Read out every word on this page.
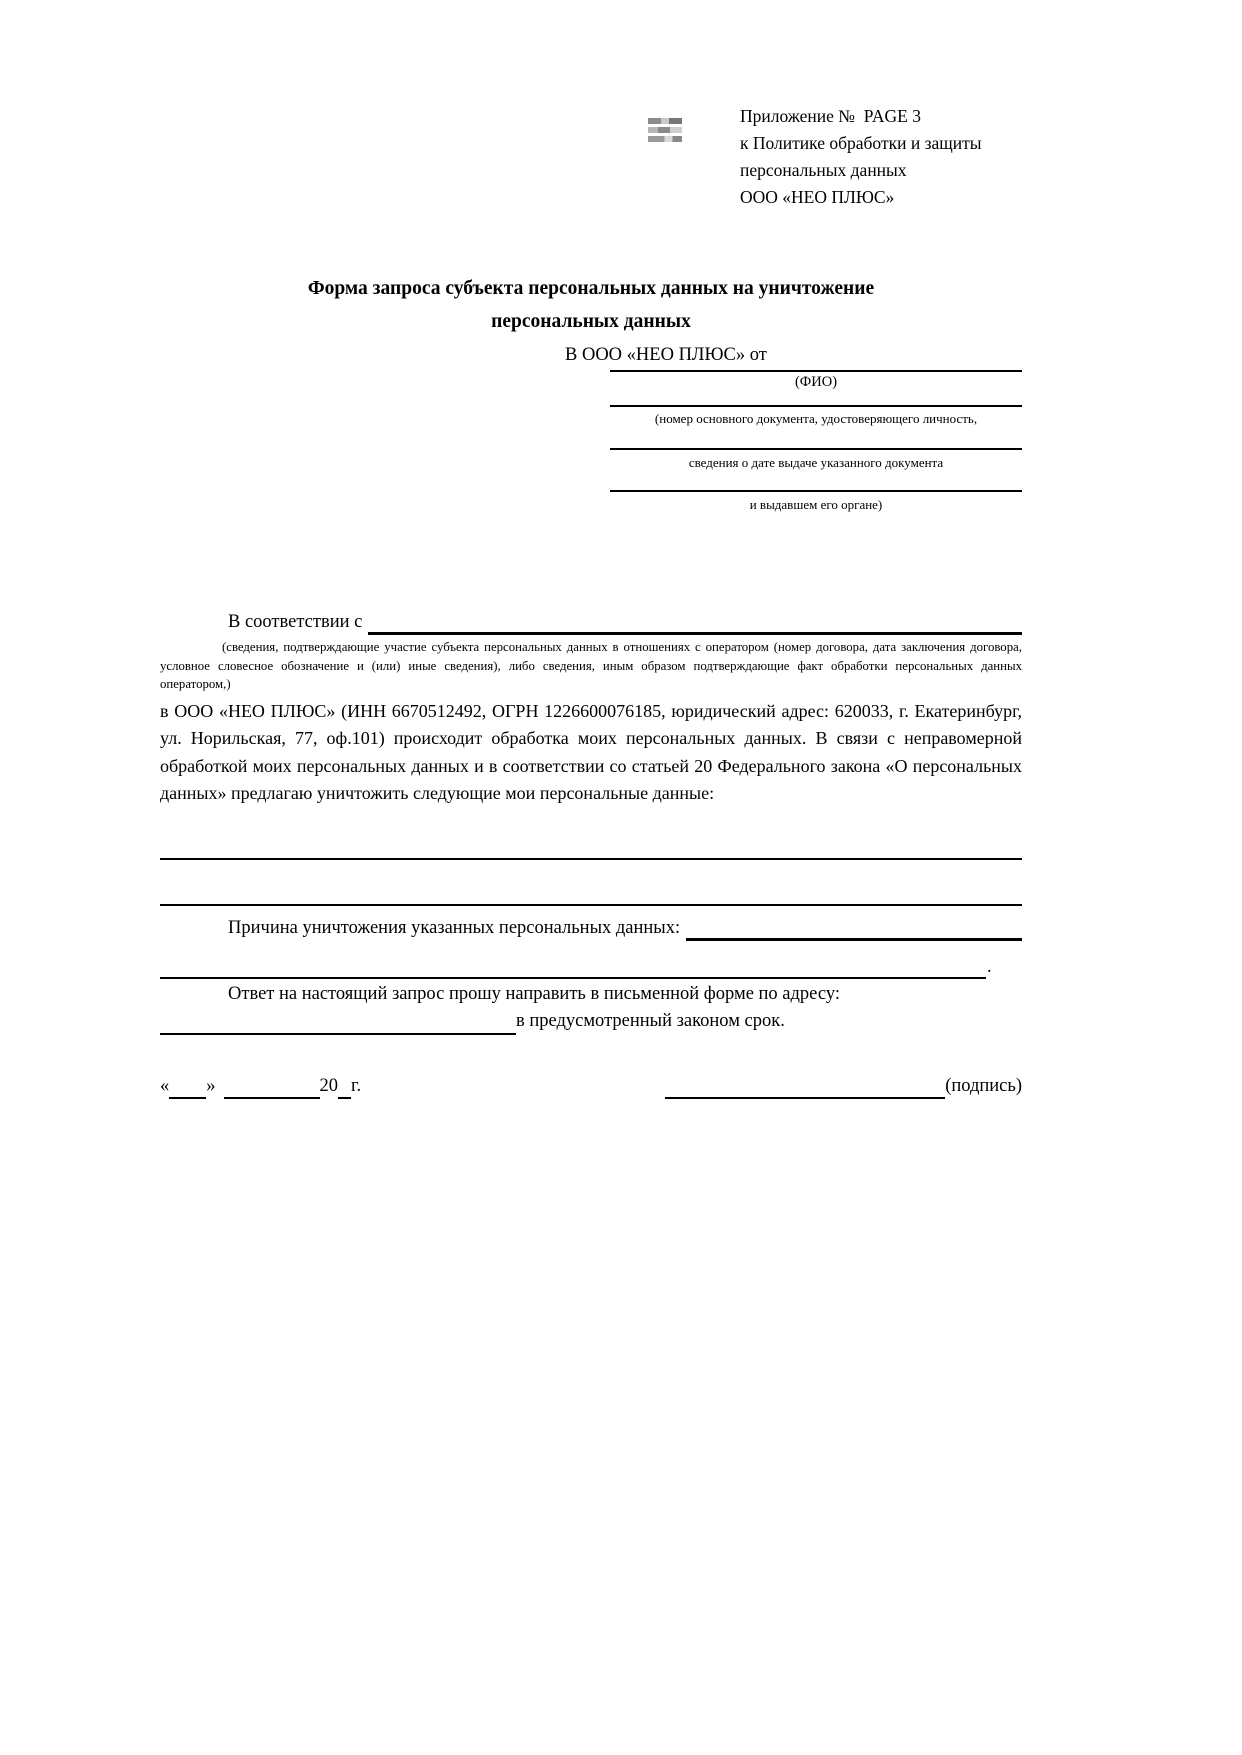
Приложение №  PAGE 3
к Политике обработки и защиты
персональных данных
ООО «НЕО ПЛЮС»
Форма запроса субъекта персональных данных на уничтожение
персональных данных
В ООО «НЕО ПЛЮС» от
(ФИО)
(номер основного документа, удостоверяющего личность,
сведения о дате выдаче указанного документа
и выдавшем его органе)
В соответствии с
(сведения, подтверждающие участие субъекта персональных данных в отношениях с оператором (номер договора, дата заключения договора, условное словесное обозначение и (или) иные сведения), либо сведения, иным образом подтверждающие факт обработки персональных данных оператором,)
в ООО «НЕО ПЛЮС» (ИНН 6670512492, ОГРН 1226600076185, юридический адрес: 620033, г. Екатеринбург, ул. Норильская, 77, оф.101) происходит обработка моих персональных данных. В связи с неправомерной обработкой моих персональных данных и в соответствии со статьей 20 Федерального закона «О персональных данных» предлагаю уничтожить следующие мои персональные данные:
Причина уничтожения указанных персональных данных:
.
Ответ на настоящий запрос прошу направить в письменной форме по адресу:
в предусмотренный законом срок.
« »	20 г.	(подпись)
